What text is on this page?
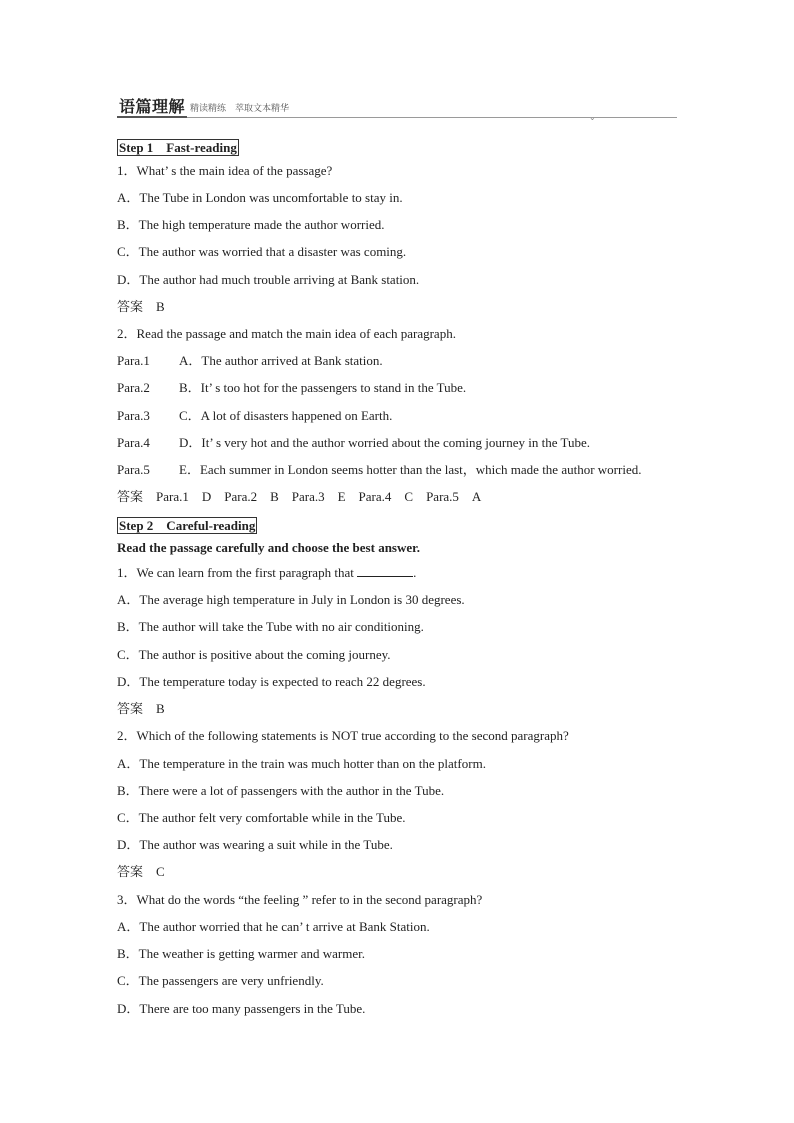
语篇理解 精读精练　萃取文本精华
⌄
Step 1　Fast-reading
1．What’ s the main idea of the passage?
A．The Tube in London was uncomfortable to stay in.
B．The high temperature made the author worried.
C．The author was worried that a disaster was coming.
D．The author had much trouble arriving at Bank station.
答案　B
2．Read the passage and match the main idea of each paragraph.
Para.1 A．The author arrived at Bank station.
Para.2 B．It’ s too hot for the passengers to stand in the Tube.
Para.3 C．A lot of disasters happened on Earth.
Para.4 D．It’ s very hot and the author worried about the coming journey in the Tube.
Para.5 E．Each summer in London seems hotter than the last，which made the author worried.
答案　Para.1　D　Para.2　B　Para.3　E　Para.4　C　Para.5　A
Step 2　Careful-reading
Read the passage carefully and choose the best answer.
1．We can learn from the first paragraph that	.
A．The average high temperature in July in London is 30 degrees.
B．The author will take the Tube with no air conditioning.
C．The author is positive about the coming journey.
D．The temperature today is expected to reach 22 degrees.
答案　B
2．Which of the following statements is NOT true according to the second paragraph?
A．The temperature in the train was much hotter than on the platform.
B．There were a lot of passengers with the author in the Tube.
C．The author felt very comfortable while in the Tube.
D．The author was wearing a suit while in the Tube.
答案　C
3．What do the words “the feeling ” refer to in the second paragraph?
A．The author worried that he can’ t arrive at Bank Station.
B．The weather is getting warmer and warmer.
C．The passengers are very unfriendly.
D．There are too many passengers in the Tube.
